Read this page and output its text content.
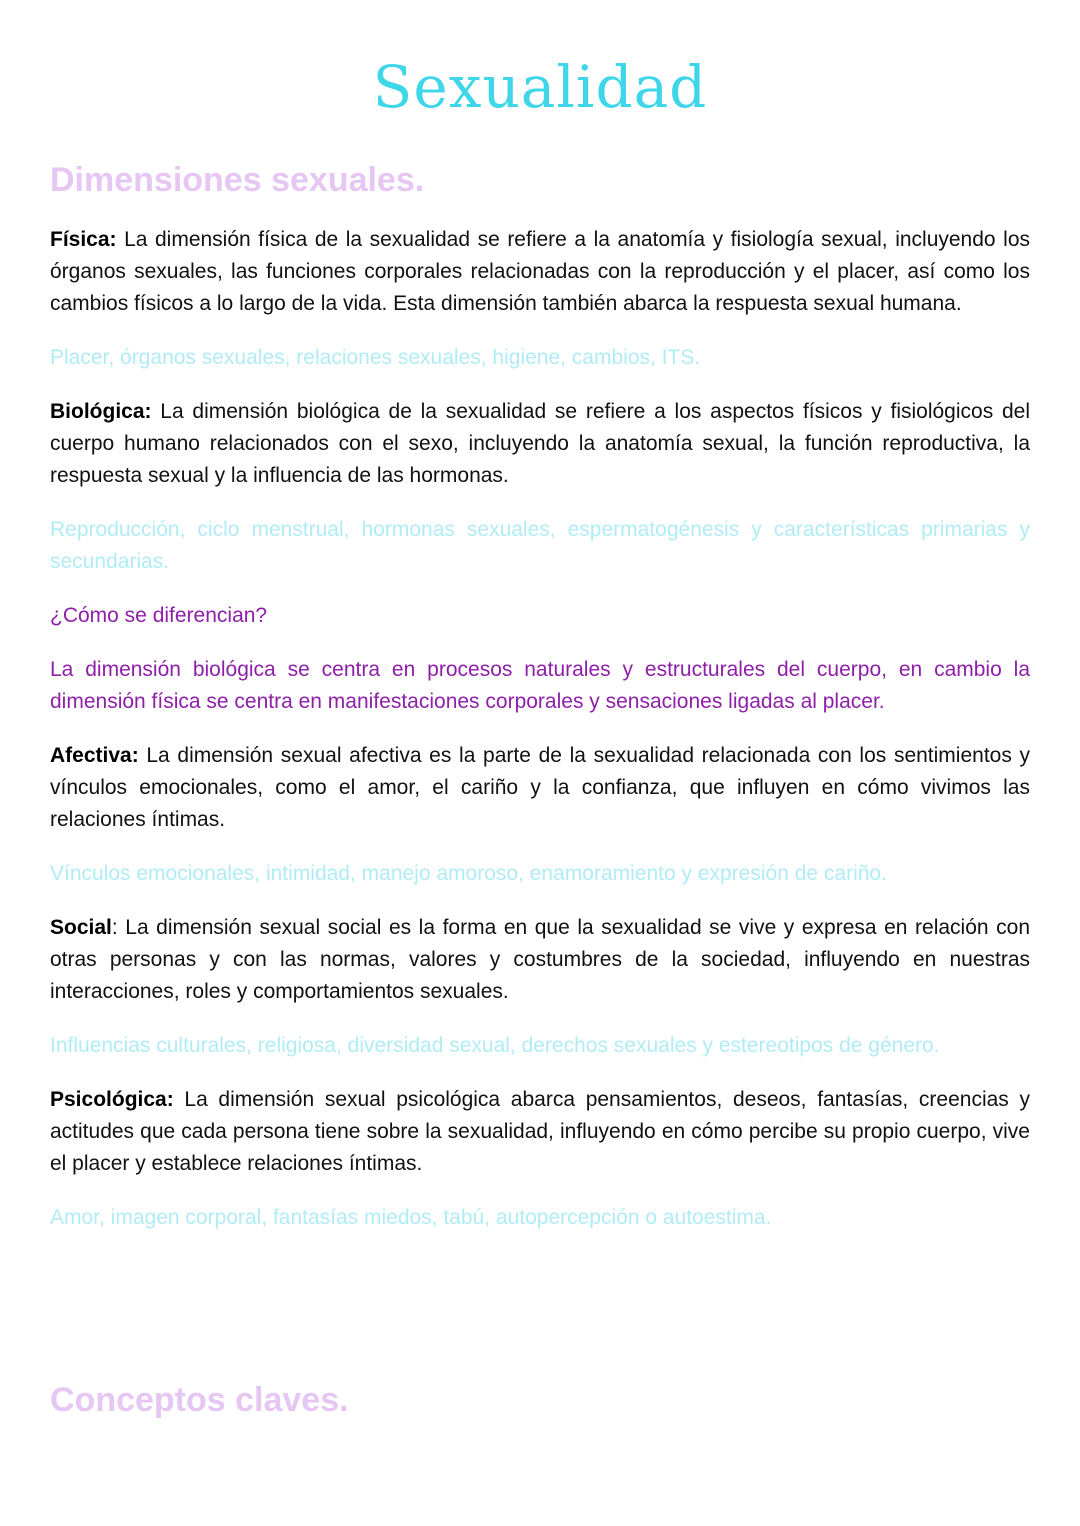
Sexualidad
Dimensiones sexuales.

Física: La dimensión física de la sexualidad se refiere a la anatomía y fisiología sexual, incluyendo los órganos sexuales, las funciones corporales relacionadas con la reproducción y el placer, así como los cambios físicos a lo largo de la vida. Esta dimensión también abarca la respuesta sexual humana.

Placer, órganos sexuales, relaciones sexuales, higiene, cambios, ITS.

Biológica: La dimensión biológica de la sexualidad se refiere a los aspectos físicos y fisiológicos del cuerpo humano relacionados con el sexo, incluyendo la anatomía sexual, la función reproductiva, la respuesta sexual y la influencia de las hormonas.

Reproducción, ciclo menstrual, hormonas sexuales, espermatogénesis y características primarias y secundarias.

¿Cómo se diferencian?

La dimensión biológica se centra en procesos naturales y estructurales del cuerpo, en cambio la dimensión física se centra en manifestaciones corporales y sensaciones ligadas al placer.

Afectiva: La dimensión sexual afectiva es la parte de la sexualidad relacionada con los sentimientos y vínculos emocionales, como el amor, el cariño y la confianza, que influyen en cómo vivimos las relaciones íntimas.

Vínculos emocionales, intimidad, manejo amoroso, enamoramiento y expresión de cariño.

Social: La dimensión sexual social es la forma en que la sexualidad se vive y expresa en relación con otras personas y con las normas, valores y costumbres de la sociedad, influyendo en nuestras interacciones, roles y comportamientos sexuales.

Influencias culturales, religiosa, diversidad sexual, derechos sexuales y estereotipos de género.

Psicológica: La dimensión sexual psicológica abarca pensamientos, deseos, fantasías, creencias y actitudes que cada persona tiene sobre la sexualidad, influyendo en cómo percibe su propio cuerpo, vive el placer y establece relaciones íntimas.

Amor, imagen corporal, fantasías miedos, tabú, autopercepción o autoestima.

Conceptos claves.
